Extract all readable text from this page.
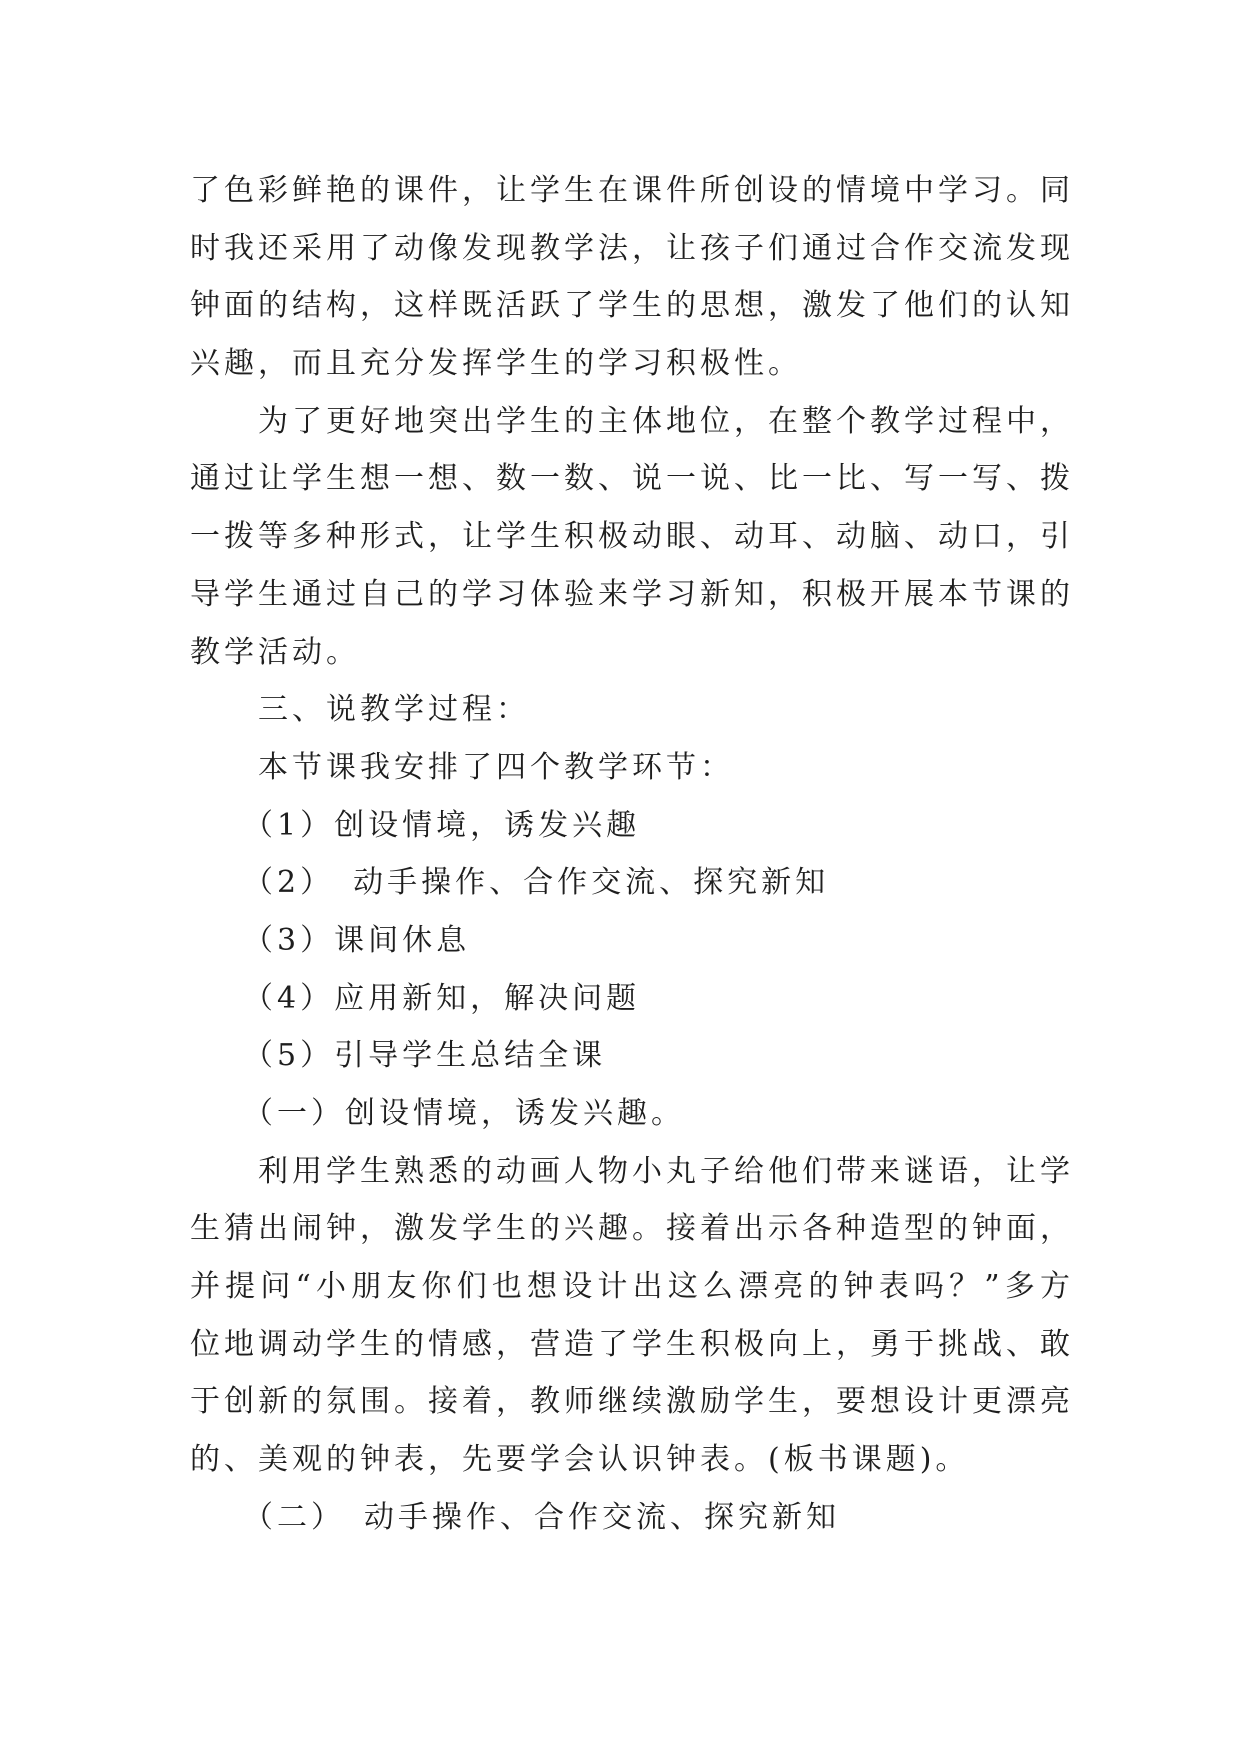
了色彩鲜艳的课件，让学生在课件所创设的情境中学习。同
时我还采用了动像发现教学法，让孩子们通过合作交流发现
钟面的结构，这样既活跃了学生的思想，激发了他们的认知
兴趣，而且充分发挥学生的学习积极性。
　　为了更好地突出学生的主体地位，在整个教学过程中，
通过让学生想一想、数一数、说一说、比一比、写一写、拨
一拨等多种形式，让学生积极动眼、动耳、动脑、动口，引
导学生通过自己的学习体验来学习新知，积极开展本节课的
教学活动。
　　三、说教学过程：
　　本节课我安排了四个教学环节：
　　（1）创设情境，诱发兴趣
　　（2）　动手操作、合作交流、探究新知
　　（3）课间休息
　　（4）应用新知，解决问题
　　（5）引导学生总结全课
　　（一）创设情境，诱发兴趣。
　　利用学生熟悉的动画人物小丸子给他们带来谜语，让学
生猜出闹钟，激发学生的兴趣。接着出示各种造型的钟面，
并提问“小朋友你们也想设计出这么漂亮的钟表吗？”多方
位地调动学生的情感，营造了学生积极向上，勇于挑战、敢
于创新的氛围。接着，教师继续激励学生，要想设计更漂亮
的、美观的钟表，先要学会认识钟表。(板书课题)。
　　（二）　动手操作、合作交流、探究新知
